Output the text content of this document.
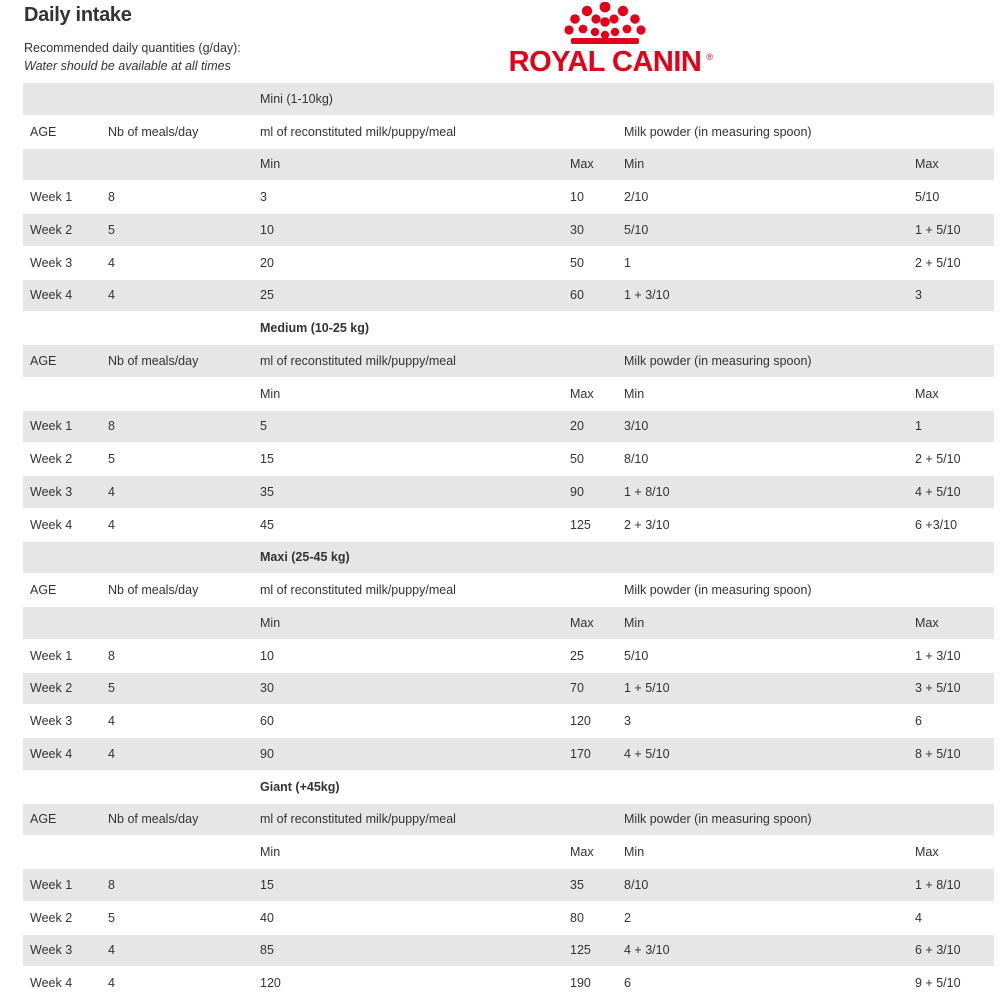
Daily intake
Recommended daily quantities (g/day):
Water should be available at all times	ROYAL CANIN ®
		Mini (1-10kg)			
AGE	Nb of meals/day	ml of reconstituted milk/puppy/meal		Milk powder (in measuring spoon)	
		Min	Max	Min	Max
Week 1	8	3	10	2/10	5/10
Week 2	5	10	30	5/10	1 + 5/10
Week 3	4	20	50	1	2 + 5/10
Week 4	4	25	60	1 + 3/10	3
		Medium (10-25 kg)			
AGE	Nb of meals/day	ml of reconstituted milk/puppy/meal		Milk powder (in measuring spoon)	
		Min	Max	Min	Max
Week 1	8	5	20	3/10	1
Week 2	5	15	50	8/10	2 + 5/10
Week 3	4	35	90	1 + 8/10	4 + 5/10
Week 4	4	45	125	2 + 3/10	6 +3/10
		Maxi (25-45 kg)			
AGE	Nb of meals/day	ml of reconstituted milk/puppy/meal		Milk powder (in measuring spoon)	
		Min	Max	Min	Max
Week 1	8	10	25	5/10	1 + 3/10
Week 2	5	30	70	1 + 5/10	3 + 5/10
Week 3	4	60	120	3	6
Week 4	4	90	170	4 + 5/10	8 + 5/10
		Giant (+45kg)			
AGE	Nb of meals/day	ml of reconstituted milk/puppy/meal		Milk powder (in measuring spoon)	
		Min	Max	Min	Max
Week 1	8	15	35	8/10	1 + 8/10
Week 2	5	40	80	2	4
Week 3	4	85	125	4 + 3/10	6 + 3/10
Week 4	4	120	190	6	9 + 5/10
